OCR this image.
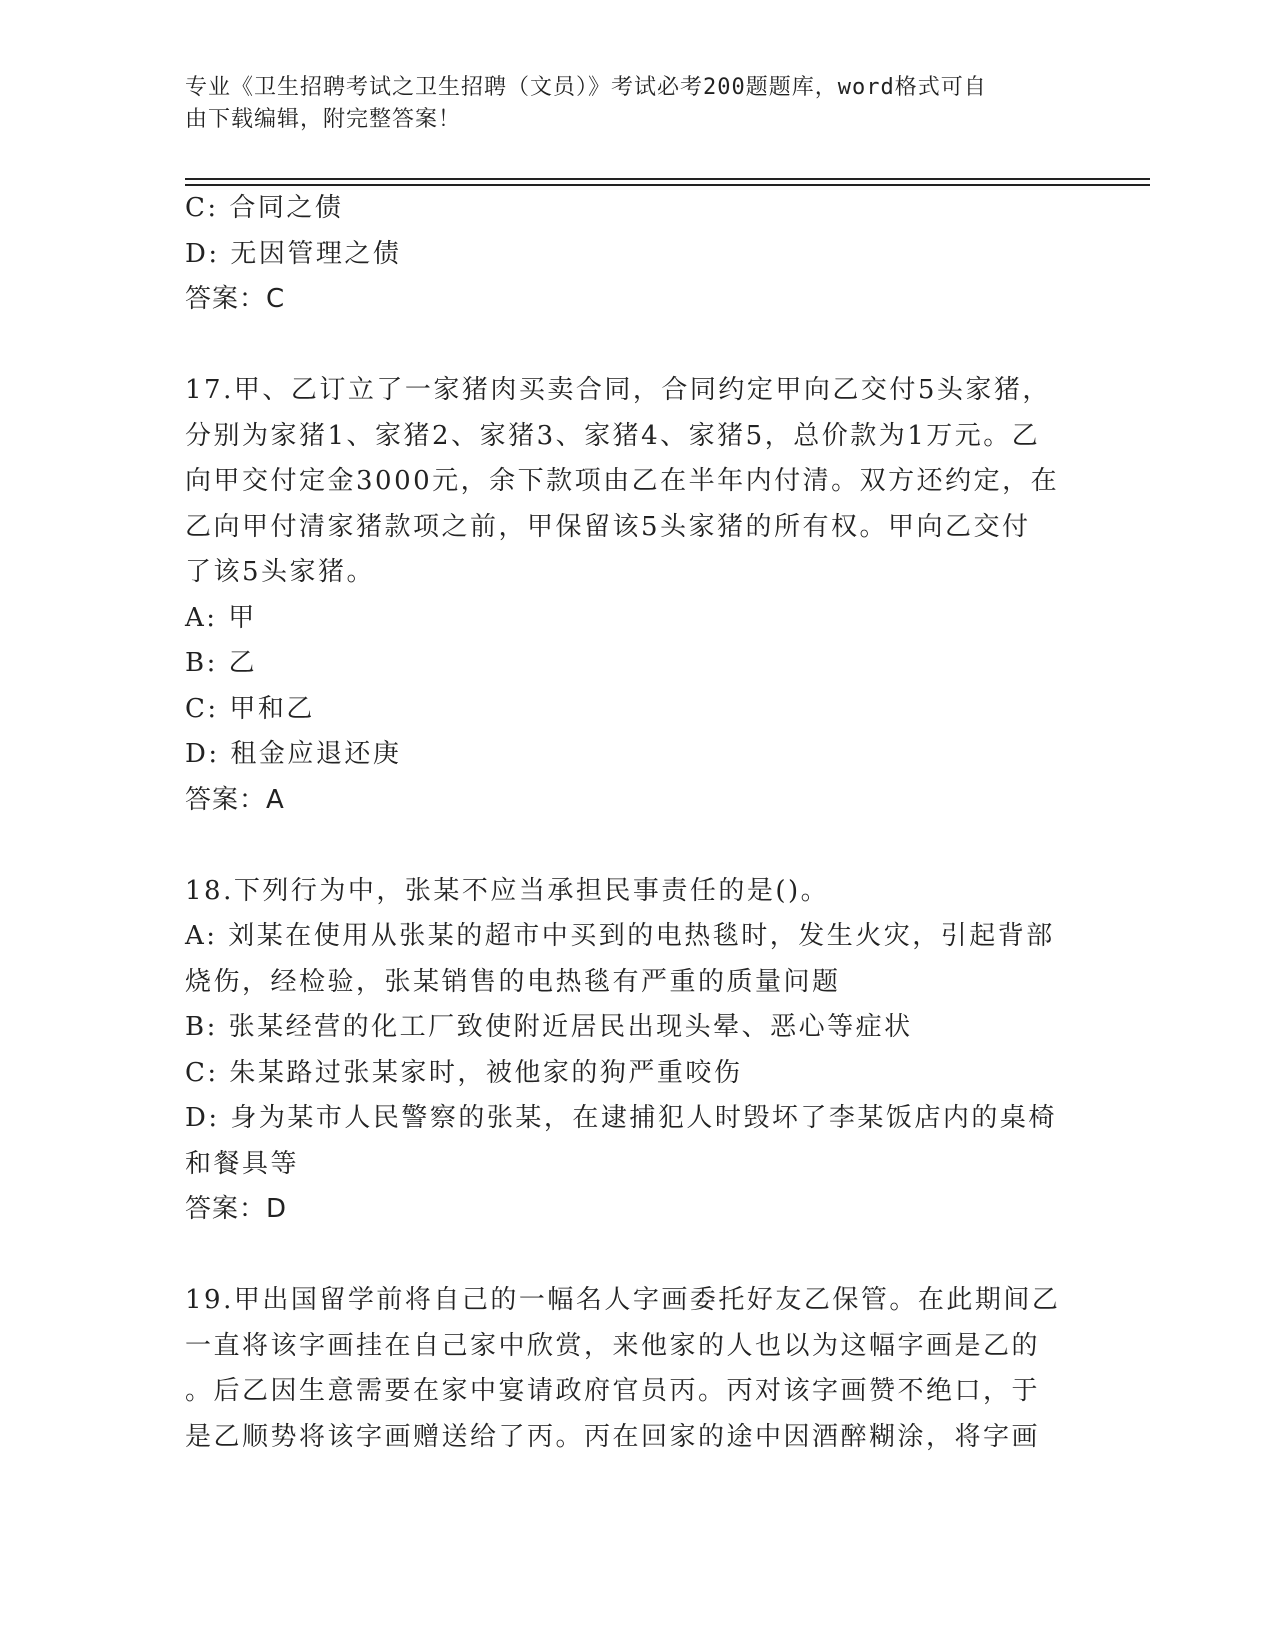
专业《卫生招聘考试之卫生招聘（文员）》考试必考200题题库，word格式可自
由下载编辑，附完整答案！
C: 合同之债
D: 无因管理之债
答案：C
17.甲、乙订立了一家猪肉买卖合同，合同约定甲向乙交付5头家猪，
分别为家猪1、家猪2、家猪3、家猪4、家猪5，总价款为1万元。乙
向甲交付定金3000元，余下款项由乙在半年内付清。双方还约定，在
乙向甲付清家猪款项之前，甲保留该5头家猪的所有权。甲向乙交付
了该5头家猪。
A: 甲
B: 乙
C: 甲和乙
D: 租金应退还庚
答案：A
18.下列行为中，张某不应当承担民事责任的是()。
A: 刘某在使用从张某的超市中买到的电热毯时，发生火灾，引起背部
烧伤，经检验，张某销售的电热毯有严重的质量问题
B: 张某经营的化工厂致使附近居民出现头晕、恶心等症状
C: 朱某路过张某家时，被他家的狗严重咬伤
D: 身为某市人民警察的张某，在逮捕犯人时毁坏了李某饭店内的桌椅
和餐具等
答案：D
19.甲出国留学前将自己的一幅名人字画委托好友乙保管。在此期间乙
一直将该字画挂在自己家中欣赏，来他家的人也以为这幅字画是乙的
。后乙因生意需要在家中宴请政府官员丙。丙对该字画赞不绝口，于
是乙顺势将该字画赠送给了丙。丙在回家的途中因酒醉糊涂，将字画
